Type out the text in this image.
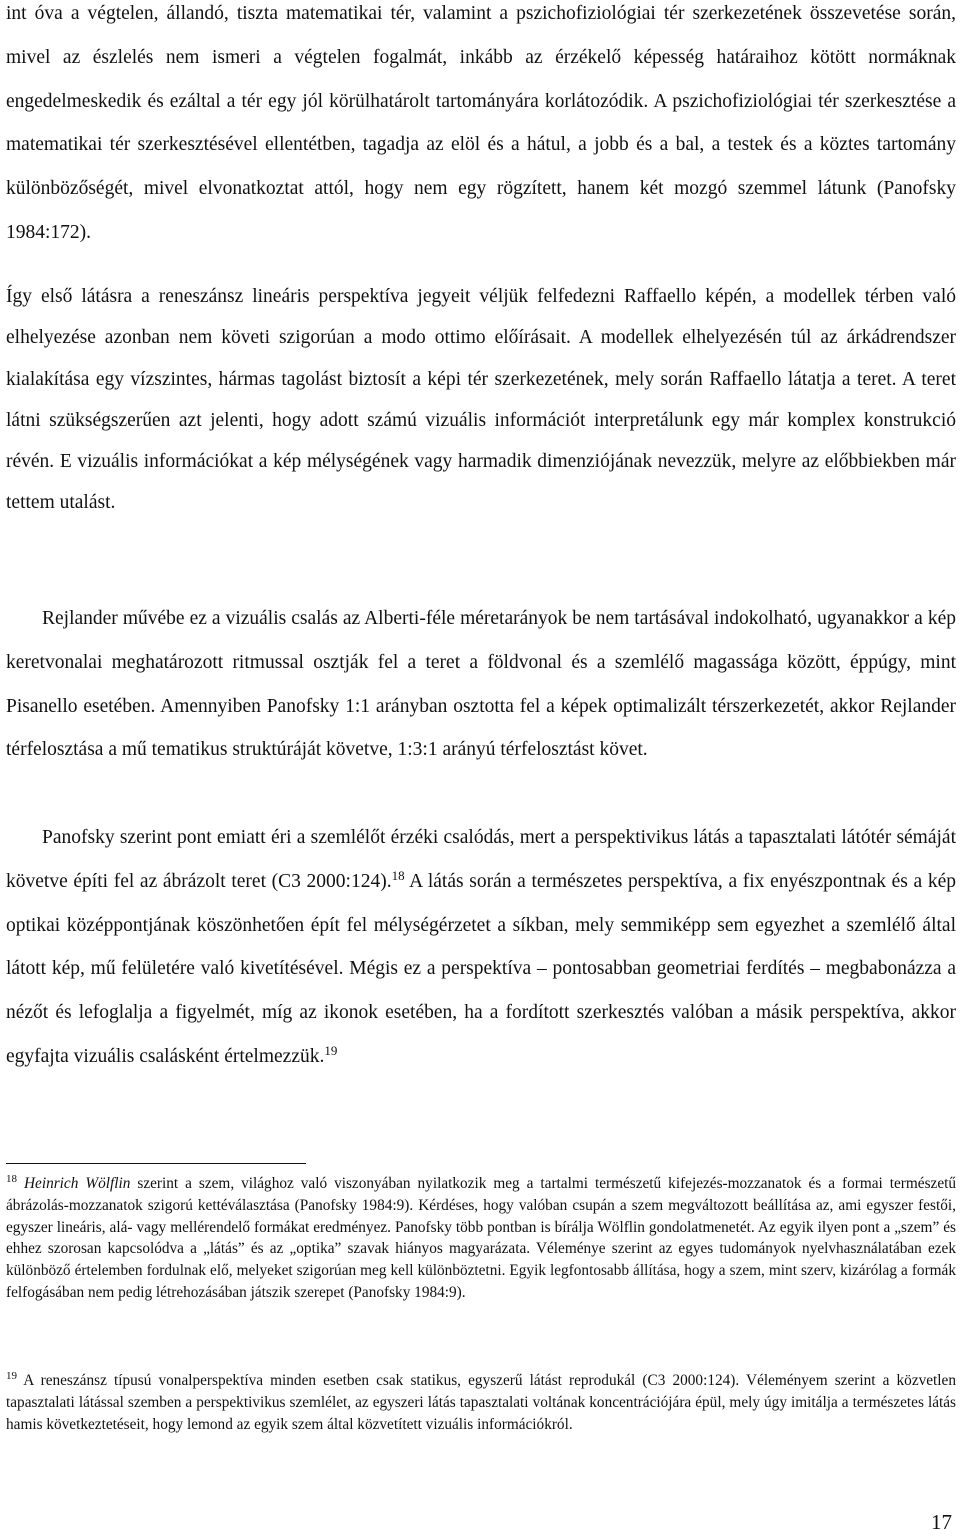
int óva a végtelen, állandó, tiszta matematikai tér, valamint a pszichofiziológiai tér szerkezetének összevetése során, mivel az észlelés nem ismeri a végtelen fogalmát, inkább az érzékelő képesség határaihoz kötött normáknak engedelmeskedik és ezáltal a tér egy jól körülhatárolt tartományára korlátozódik. A pszichofiziológiai tér szerkesztése a matematikai tér szerkesztésével ellentétben, tagadja az elöl és a hátul, a jobb és a bal, a testek és a köztes tartomány különbözőségét, mivel elvonatkoztat attól, hogy nem egy rögzített, hanem két mozgó szemmel látunk (Panofsky 1984:172).

Így első látásra a reneszánsz lineáris perspektíva jegyeit véljük felfedezni Raffaello képén, a modellek térben való elhelyezése azonban nem követi szigorúan a modo ottimo előírásait. A modellek elhelyezésén túl az árkádrendszer kialakítása egy vízszintes, hármas tagolást biztosít a képi tér szerkezetének, mely során Raffaello látatja a teret. A teret látni szükségszerűen azt jelenti, hogy adott számú vizuális információt interpretálunk egy már komplex konstrukció révén. E vizuális információkat a kép mélységének vagy harmadik dimenziójának nevezzük, melyre az előbbiekben már tettem utalást.

Rejlander művébe ez a vizuális csalás az Alberti-féle méretarányok be nem tartásával indokolható, ugyanakkor a kép keretvonalai meghatározott ritmussal osztják fel a teret a földvonal és a szemlélő magassága között, éppúgy, mint Pisanello esetében. Amennyiben Panofsky 1:1 arányban osztotta fel a képek optimalizált térszerkezetét, akkor Rejlander térfelosztása a mű tematikus struktúráját követve, 1:3:1 arányú térfelosztást követ.

Panofsky szerint pont emiatt éri a szemlélőt érzéki csalódás, mert a perspektivikus látás a tapasztalati látótér sémáját követve építi fel az ábrázolt teret (C3 2000:124).$^{18}$ A látás során a természetes perspektíva, a fix enyészpontnak és a kép optikai középpontjának köszönhetően épít fel mélységérzetet a síkban, mely semmiképp sem egyezhet a szemlélő által látott kép, mű felületére való kivetítésével. Mégis ez a perspektíva – pontosabban geometriai ferdítés – megbabonázza a nézőt és lefoglalja a figyelmét, míg az ikonok esetében, ha a fordított szerkesztés valóban a másik perspektíva, akkor egyfajta vizuális csalásként értelmezzük.$^{19}$

$^{18}$ Heinrich Wölflin szerint a szem, világhoz való viszonyában nyilatkozik meg a tartalmi természetű kifejezés-mozzanatok és a formai természetű ábrázolás-mozzanatok szigorú kettéválasztása (Panofsky 1984:9). Kérdéses, hogy valóban csupán a szem megváltozott beállítása az, ami egyszer festői, egyszer lineáris, alá- vagy mellérendelő formákat eredményez. Panofsky több pontban is bírálja Wölflin gondolatmenetét. Az egyik ilyen pont a „szem” és ehhez szorosan kapcsolódva a „látás” és az „optika” szavak hiányos magyarázata. Véleménye szerint az egyes tudományok nyelvhasználatában ezek különböző értelemben fordulnak elő, melyeket szigorúan meg kell különböztetni. Egyik legfontosabb állítása, hogy a szem, mint szerv, kizárólag a formák felfogásában nem pedig létrehozásában játszik szerepet (Panofsky 1984:9).

$^{19}$ A reneszánsz típusú vonalperspektíva minden esetben csak statikus, egyszerű látást reprodukál (C3 2000:124). Véleményem szerint a közvetlen tapasztalati látással szemben a perspektivikus szemlélet, az egyszeri látás tapasztalati voltának koncentrációjára épül, mely úgy imitálja a természetes látás hamis következtetéseit, hogy lemond az egyik szem által közvetített vizuális információkról.

17
